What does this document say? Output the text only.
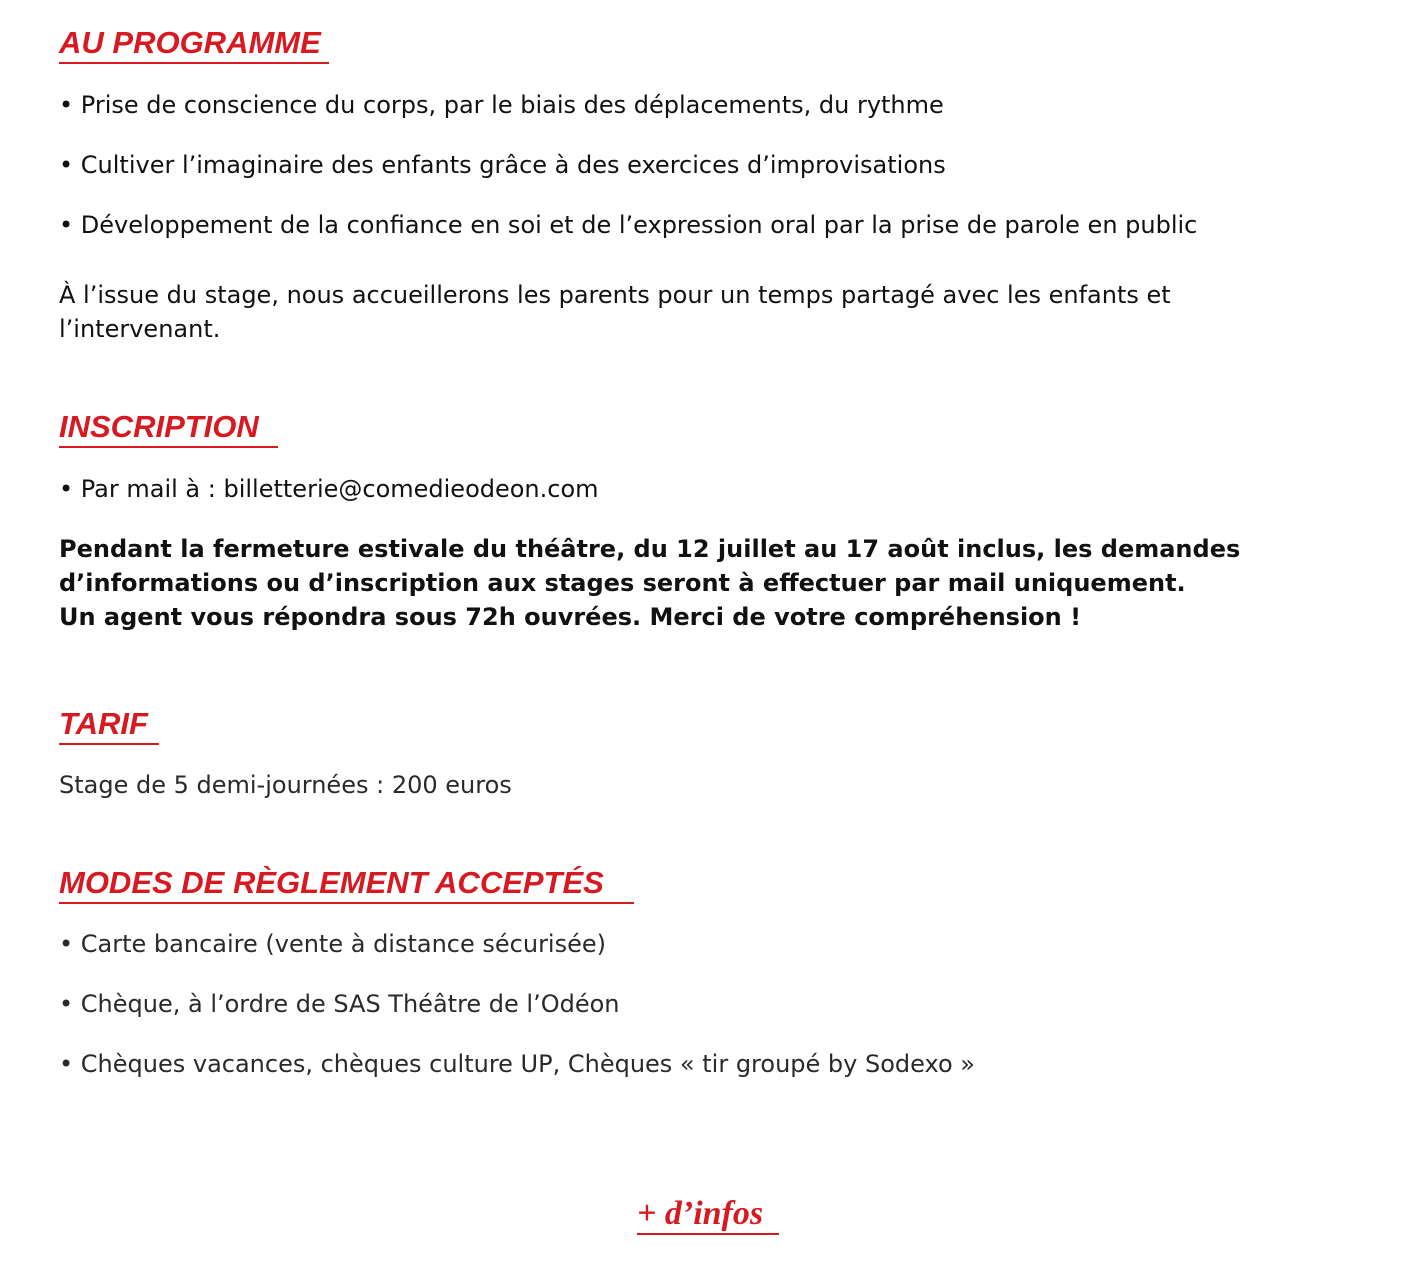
AU PROGRAMME

• Prise de conscience du corps, par le biais des déplacements, du rythme

• Cultiver l’imaginaire des enfants grâce à des exercices d’improvisations

• Développement de la confiance en soi et de l’expression oral par la prise de parole en public

À l’issue du stage, nous accueillerons les parents pour un temps partagé avec les enfants et

l’intervenant.

INSCRIPTION

• Par mail à : billetterie@comedieodeon.com

Pendant la fermeture estivale du théâtre, du 12 juillet au 17 août inclus, les demandes

d’informations ou d’inscription aux stages seront à effectuer par mail uniquement.

Un agent vous répondra sous 72h ouvrées. Merci de votre compréhension !

TARIF

Stage de 5 demi-journées : 200 euros

MODES DE RÈGLEMENT ACCEPTÉS

• Carte bancaire (vente à distance sécurisée)

• Chèque, à l’ordre de SAS Théâtre de l’Odéon

• Chèques vacances, chèques culture UP, Chèques « tir groupé by Sodexo »

+ d’infos
